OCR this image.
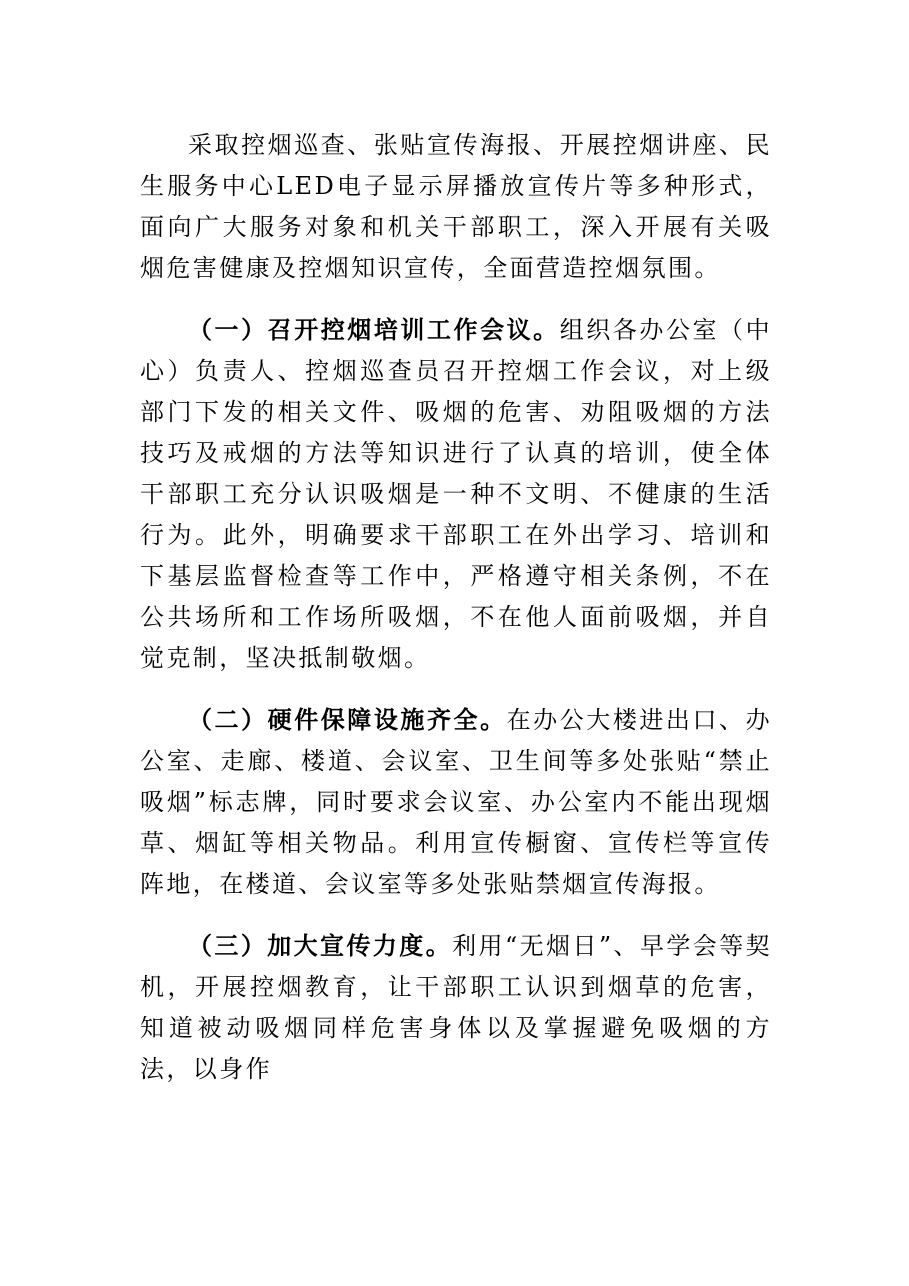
采取控烟巡查、张贴宣传海报、开展控烟讲座、民生服务中心LED电子显示屏播放宣传片等多种形式，面向广大服务对象和机关干部职工，深入开展有关吸烟危害健康及控烟知识宣传，全面营造控烟氛围。

（一）召开控烟培训工作会议。组织各办公室（中心）负责人、控烟巡查员召开控烟工作会议，对上级部门下发的相关文件、吸烟的危害、劝阻吸烟的方法技巧及戒烟的方法等知识进行了认真的培训，使全体干部职工充分认识吸烟是一种不文明、不健康的生活行为。此外，明确要求干部职工在外出学习、培训和下基层监督检查等工作中，严格遵守相关条例，不在公共场所和工作场所吸烟，不在他人面前吸烟，并自觉克制，坚决抵制敬烟。

（二）硬件保障设施齐全。在办公大楼进出口、办公室、走廊、楼道、会议室、卫生间等多处张贴“禁止吸烟”标志牌，同时要求会议室、办公室内不能出现烟草、烟缸等相关物品。利用宣传橱窗、宣传栏等宣传阵地，在楼道、会议室等多处张贴禁烟宣传海报。

（三）加大宣传力度。利用“无烟日”、早学会等契机，开展控烟教育，让干部职工认识到烟草的危害，知道被动吸烟同样危害身体以及掌握避免吸烟的方法，以身作
